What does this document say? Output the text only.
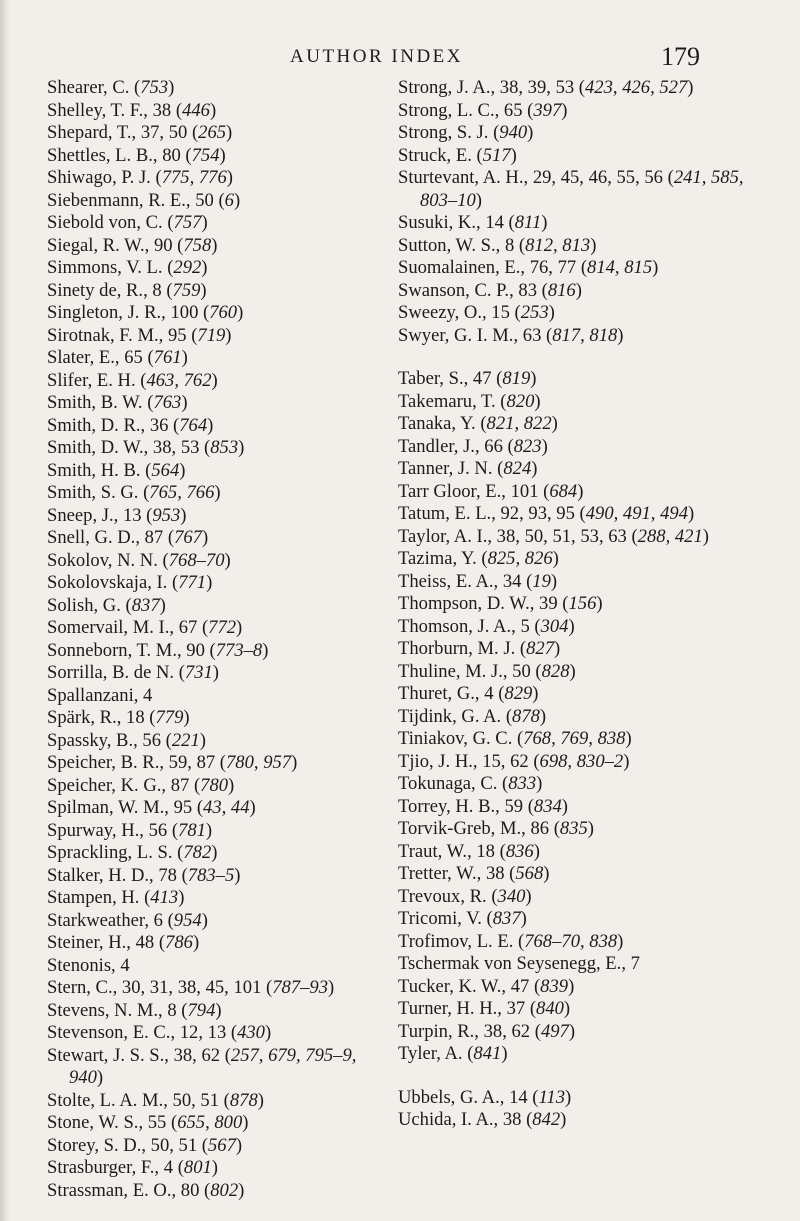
AUTHOR INDEX	179
Shearer, C. (753)
Shelley, T. F., 38 (446)
Shepard, T., 37, 50 (265)
Shettles, L. B., 80 (754)
Shiwago, P. J. (775, 776)
Siebenmann, R. E., 50 (6)
Siebold von, C. (757)
Siegal, R. W., 90 (758)
Simmons, V. L. (292)
Sinety de, R., 8 (759)
Singleton, J. R., 100 (760)
Sirotnak, F. M., 95 (719)
Slater, E., 65 (761)
Slifer, E. H. (463, 762)
Smith, B. W. (763)
Smith, D. R., 36 (764)
Smith, D. W., 38, 53 (853)
Smith, H. B. (564)
Smith, S. G. (765, 766)
Sneep, J., 13 (953)
Snell, G. D., 87 (767)
Sokolov, N. N. (768–70)
Sokolovskaja, I. (771)
Solish, G. (837)
Somervail, M. I., 67 (772)
Sonneborn, T. M., 90 (773–8)
Sorrilla, B. de N. (731)
Spallanzani, 4
Spärk, R., 18 (779)
Spassky, B., 56 (221)
Speicher, B. R., 59, 87 (780, 957)
Speicher, K. G., 87 (780)
Spilman, W. M., 95 (43, 44)
Spurway, H., 56 (781)
Sprackling, L. S. (782)
Stalker, H. D., 78 (783–5)
Stampen, H. (413)
Starkweather, 6 (954)
Steiner, H., 48 (786)
Stenonis, 4
Stern, C., 30, 31, 38, 45, 101 (787–93)
Stevens, N. M., 8 (794)
Stevenson, E. C., 12, 13 (430)
Stewart, J. S. S., 38, 62 (257, 679, 795–9, 940)
Stolte, L. A. M., 50, 51 (878)
Stone, W. S., 55 (655, 800)
Storey, S. D., 50, 51 (567)
Strasburger, F., 4 (801)
Strassman, E. O., 80 (802)
Strong, J. A., 38, 39, 53 (423, 426, 527)
Strong, L. C., 65 (397)
Strong, S. J. (940)
Struck, E. (517)
Sturtevant, A. H., 29, 45, 46, 55, 56 (241, 585, 803–10)
Susuki, K., 14 (811)
Sutton, W. S., 8 (812, 813)
Suomalainen, E., 76, 77 (814, 815)
Swanson, C. P., 83 (816)
Sweezy, O., 15 (253)
Swyer, G. I. M., 63 (817, 818)
Taber, S., 47 (819)
Takemaru, T. (820)
Tanaka, Y. (821, 822)
Tandler, J., 66 (823)
Tanner, J. N. (824)
Tarr Gloor, E., 101 (684)
Tatum, E. L., 92, 93, 95 (490, 491, 494)
Taylor, A. I., 38, 50, 51, 53, 63 (288, 421)
Tazima, Y. (825, 826)
Theiss, E. A., 34 (19)
Thompson, D. W., 39 (156)
Thomson, J. A., 5 (304)
Thorburn, M. J. (827)
Thuline, M. J., 50 (828)
Thuret, G., 4 (829)
Tijdink, G. A. (878)
Tiniakov, G. C. (768, 769, 838)
Tjio, J. H., 15, 62 (698, 830–2)
Tokunaga, C. (833)
Torrey, H. B., 59 (834)
Torvik-Greb, M., 86 (835)
Traut, W., 18 (836)
Tretter, W., 38 (568)
Trevoux, R. (340)
Tricomi, V. (837)
Trofimov, L. E. (768–70, 838)
Tschermak von Seysenegg, E., 7
Tucker, K. W., 47 (839)
Turner, H. H., 37 (840)
Turpin, R., 38, 62 (497)
Tyler, A. (841)
Ubbels, G. A., 14 (113)
Uchida, I. A., 38 (842)
